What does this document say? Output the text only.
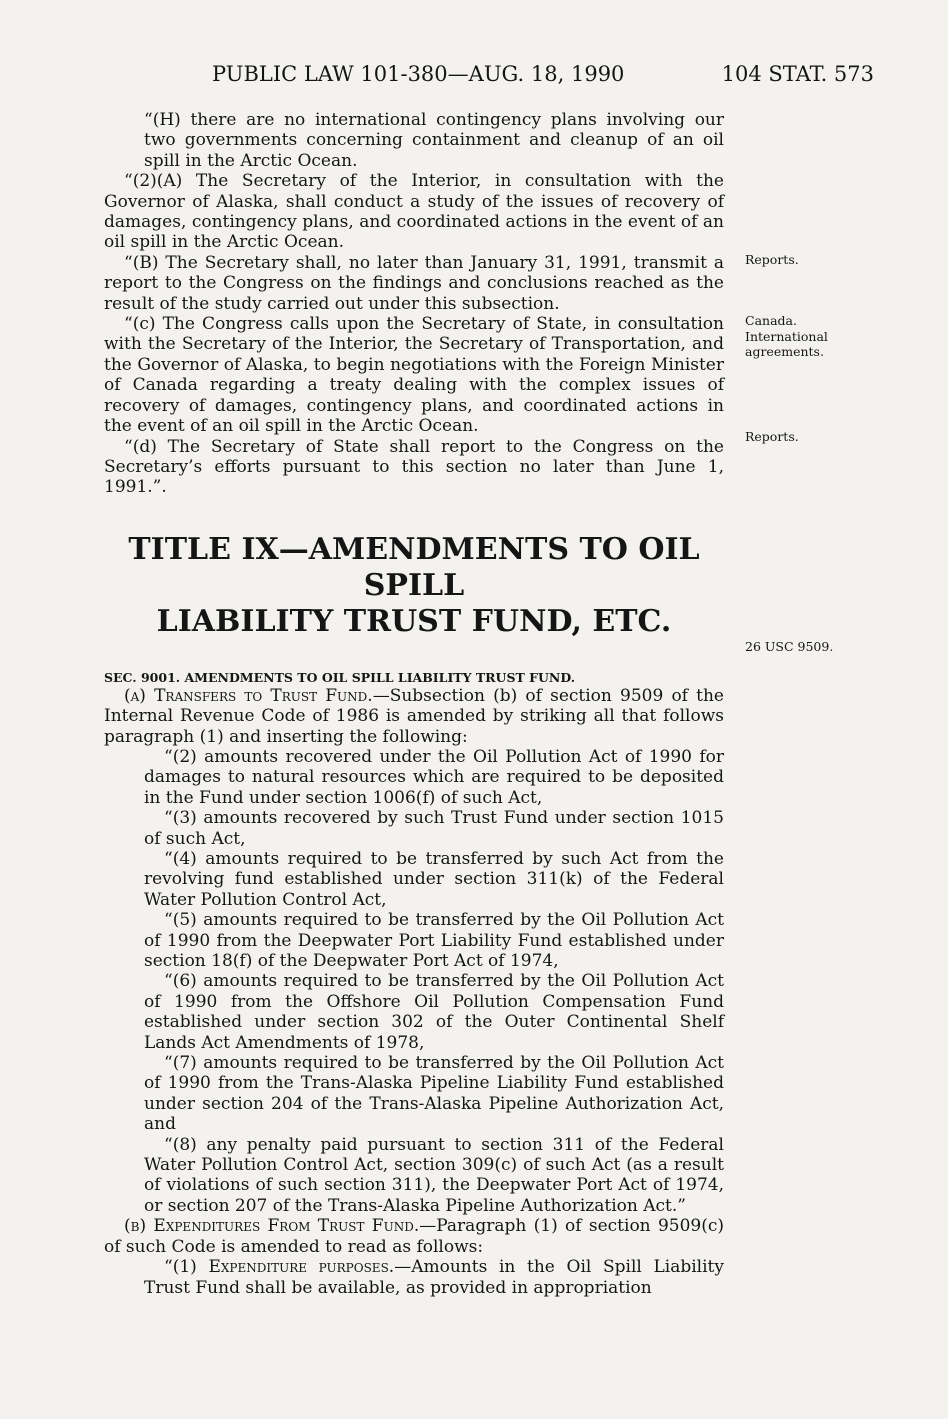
PUBLIC LAW 101-380—AUG. 18, 1990	104 STAT. 573

“(H) there are no international contingency plans involving our two governments concerning containment and cleanup of an oil spill in the Arctic Ocean.

“(2)(A) The Secretary of the Interior, in consultation with the Governor of Alaska, shall conduct a study of the issues of recovery of damages, contingency plans, and coordinated actions in the event of an oil spill in the Arctic Ocean.

“(B) The Secretary shall, no later than January 31, 1991, transmit a report to the Congress on the findings and conclusions reached as the result of the study carried out under this subsection.

“(c) The Congress calls upon the Secretary of State, in consultation with the Secretary of the Interior, the Secretary of Transportation, and the Governor of Alaska, to begin negotiations with the Foreign Minister of Canada regarding a treaty dealing with the complex issues of recovery of damages, contingency plans, and coordinated actions in the event of an oil spill in the Arctic Ocean.

“(d) The Secretary of State shall report to the Congress on the Secretary’s efforts pursuant to this section no later than June 1, 1991.”.

TITLE IX—AMENDMENTS TO OIL SPILL
LIABILITY TRUST FUND, ETC.

SEC. 9001. AMENDMENTS TO OIL SPILL LIABILITY TRUST FUND.

(a) Transfers to Trust Fund.—Subsection (b) of section 9509 of the Internal Revenue Code of 1986 is amended by striking all that follows paragraph (1) and inserting the following:

“(2) amounts recovered under the Oil Pollution Act of 1990 for damages to natural resources which are required to be deposited in the Fund under section 1006(f) of such Act,

“(3) amounts recovered by such Trust Fund under section 1015 of such Act,

“(4) amounts required to be transferred by such Act from the revolving fund established under section 311(k) of the Federal Water Pollution Control Act,

“(5) amounts required to be transferred by the Oil Pollution Act of 1990 from the Deepwater Port Liability Fund established under section 18(f) of the Deepwater Port Act of 1974,

“(6) amounts required to be transferred by the Oil Pollution Act of 1990 from the Offshore Oil Pollution Compensation Fund established under section 302 of the Outer Continental Shelf Lands Act Amendments of 1978,

“(7) amounts required to be transferred by the Oil Pollution Act of 1990 from the Trans-Alaska Pipeline Liability Fund established under section 204 of the Trans-Alaska Pipeline Authorization Act, and

“(8) any penalty paid pursuant to section 311 of the Federal Water Pollution Control Act, section 309(c) of such Act (as a result of violations of such section 311), the Deepwater Port Act of 1974, or section 207 of the Trans-Alaska Pipeline Authorization Act.”

(b) Expenditures From Trust Fund.—Paragraph (1) of section 9509(c) of such Code is amended to read as follows:

“(1) Expenditure purposes.—Amounts in the Oil Spill Liability Trust Fund shall be available, as provided in appropriation

Reports.
Canada.
International agreements.
Reports.
26 USC 9509.
